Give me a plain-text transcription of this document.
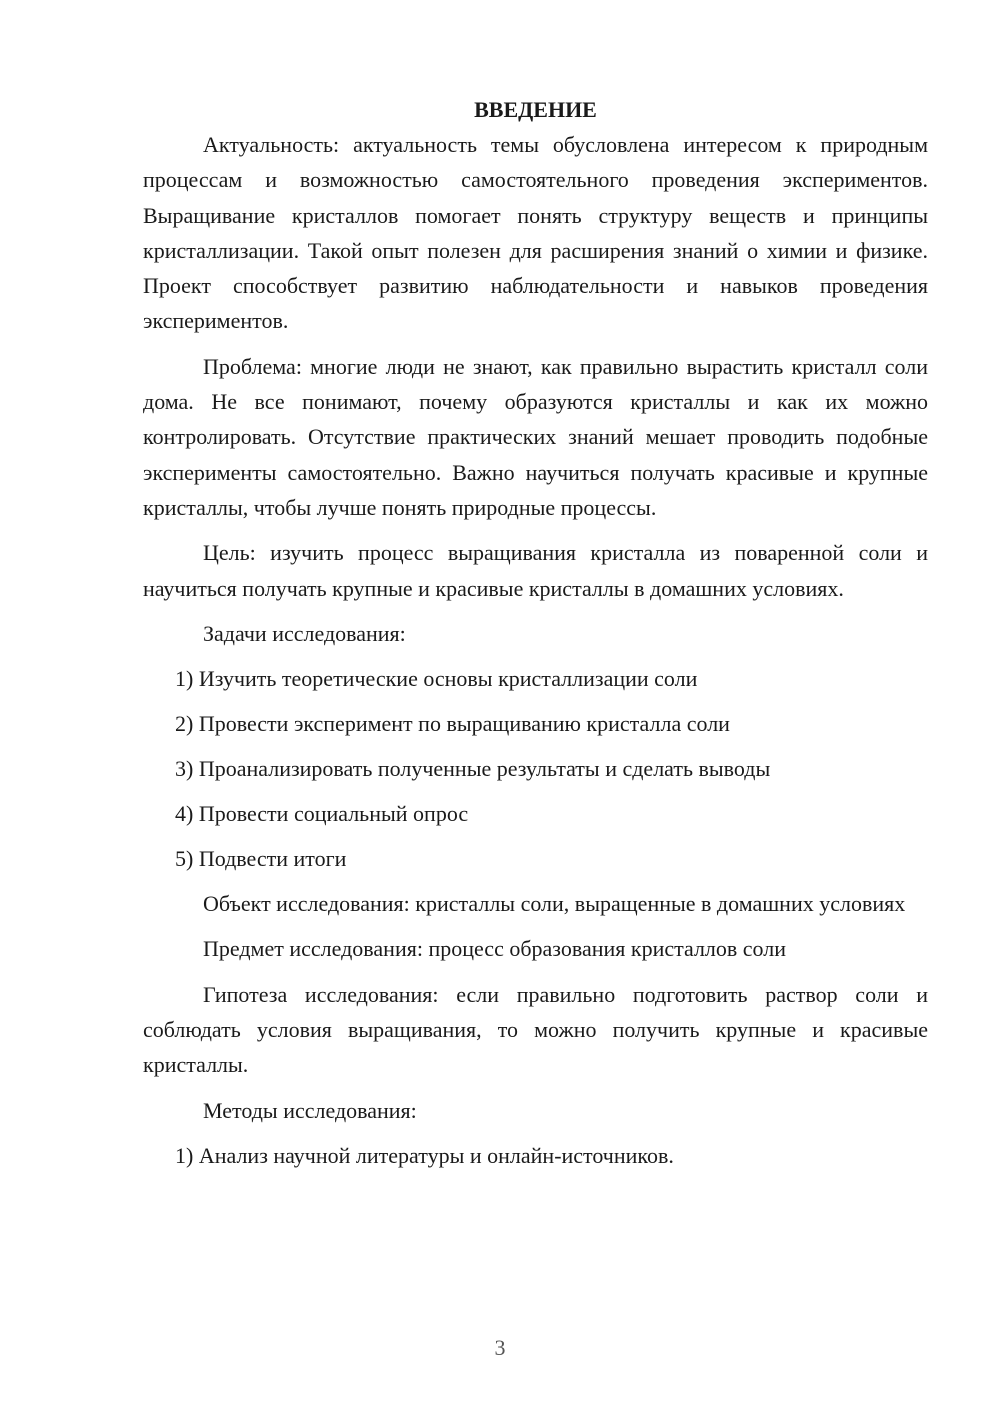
ВВЕДЕНИЕ

Актуальность: актуальность темы обусловлена интересом к природным процессам и возможностью самостоятельного проведения экспериментов. Выращивание кристаллов помогает понять структуру веществ и принципы кристаллизации. Такой опыт полезен для расширения знаний о химии и физике. Проект способствует развитию наблюдательности и навыков проведения экспериментов.

Проблема: многие люди не знают, как правильно вырастить кристалл соли дома. Не все понимают, почему образуются кристаллы и как их можно контролировать. Отсутствие практических знаний мешает проводить подобные эксперименты самостоятельно. Важно научиться получать красивые и крупные кристаллы, чтобы лучше понять природные процессы.

Цель: изучить процесс выращивания кристалла из поваренной соли и научиться получать крупные и красивые кристаллы в домашних условиях.

Задачи исследования:

1) Изучить теоретические основы кристаллизации соли
2) Провести эксперимент по выращиванию кристалла соли
3) Проанализировать полученные результаты и сделать выводы
4) Провести социальный опрос
5) Подвести итоги

Объект исследования: кристаллы соли, выращенные в домашних условиях

Предмет исследования: процесс образования кристаллов соли

Гипотеза исследования: если правильно подготовить раствор соли и соблюдать условия выращивания, то можно получить крупные и красивые кристаллы.

Методы исследования:

1) Анализ научной литературы и онлайн-источников.
3
